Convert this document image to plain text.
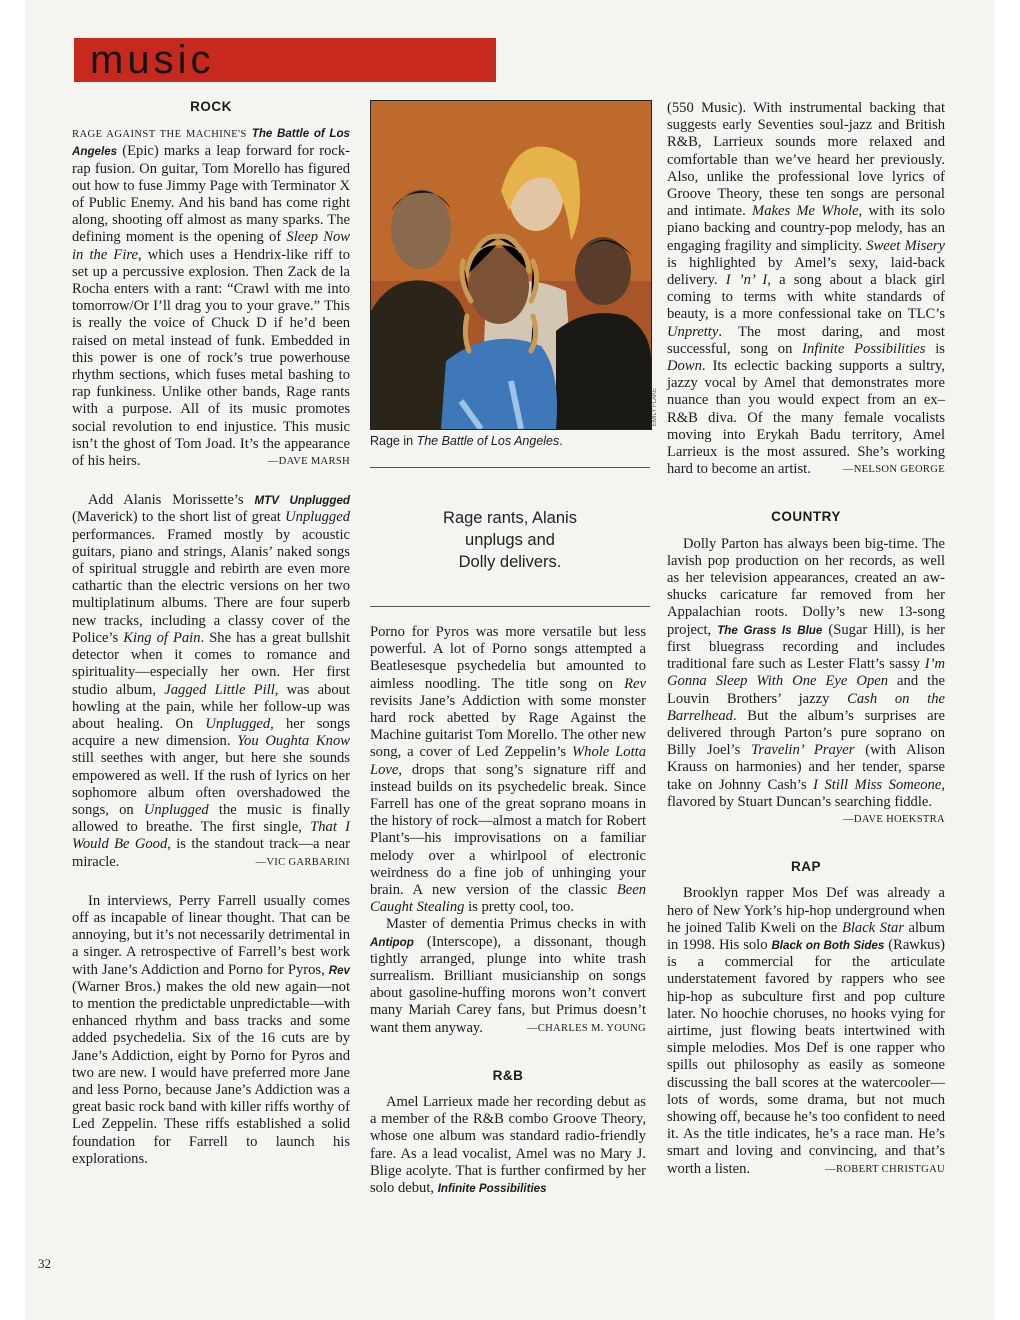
m usic
ROCK

RAGE AGAINST THE MACHINE'S The Battle of Los Angeles (Epic) marks a leap forward for rock-rap fusion. On guitar, Tom Morello has figured out how to fuse Jimmy Page with Terminator X of Public Enemy. And his band has come right along, shooting off almost as many sparks. The defining moment is the opening of Sleep Now in the Fire, which uses a Hendrix-like riff to set up a percussive explosion. Then Zack de la Rocha enters with a rant: “Crawl with me into tomorrow/Or I’ll drag you to your grave.” This is really the voice of Chuck D if he’d been raised on metal instead of funk. Embedded in this power is one of rock’s true powerhouse rhythm sections, which fuses metal bashing to rap funkiness. Unlike other bands, Rage rants with a purpose. All of its music promotes social revolution to end injustice. This music isn’t the ghost of Tom Joad. It’s the appearance of his heirs.	—DAVE MARSH

Add Alanis Morissette’s MTV Unplugged (Maverick) to the short list of great Unplugged performances. Framed mostly by acoustic guitars, piano and strings, Alanis’ naked songs of spiritual struggle and rebirth are even more cathartic than the electric versions on her two multiplatinum albums. There are four superb new tracks, including a classy cover of the Police’s King of Pain. She has a great bullshit detector when it comes to romance and spirituality—especially her own. Her first studio album, Jagged Little Pill, was about howling at the pain, while her follow-up was about healing. On Unplugged, her songs acquire a new dimension. You Oughta Know still seethes with anger, but here she sounds empowered as well. If the rush of lyrics on her sophomore album often overshadowed the songs, on Unplugged the music is finally allowed to breathe. The first single, That I Would Be Good, is the standout track—a near miracle.	—VIC GARBARINI

In interviews, Perry Farrell usually comes off as incapable of linear thought. That can be annoying, but it’s not necessarily detrimental in a singer. A retrospective of Farrell’s best work with Jane’s Addiction and Porno for Pyros, Rev (Warner Bros.) makes the old new again—not to mention the predictable unpredictable—with enhanced rhythm and bass tracks and some added psychedelia. Six of the 16 cuts are by Jane’s Addiction, eight by Porno for Pyros and two are new. I would have preferred more Jane and less Porno, because Jane’s Addiction was a great basic rock band with killer riffs worthy of Led Zeppelin. These riffs established a solid foundation for Farrell to launch his explorations.

32
EMILY FLAKE
Rage in The Battle of Los Angeles.
Rage rants, Alanis
unplugs and
Dolly delivers.

Porno for Pyros was more versatile but less powerful. A lot of Porno songs attempted a Beatlesesque psychedelia but amounted to aimless noodling. The title song on Rev revisits Jane’s Addiction with some monster hard rock abetted by Rage Against the Machine guitarist Tom Morello. The other new song, a cover of Led Zeppelin’s Whole Lotta Love, drops that song’s signature riff and instead builds on its psychedelic break. Since Farrell has one of the great soprano moans in the history of rock—almost a match for Robert Plant’s—his improvisations on a familiar melody over a whirlpool of electronic weirdness do a fine job of unhinging your brain. A new version of the classic Been Caught Stealing is pretty cool, too.

Master of dementia Primus checks in with Antipop (Interscope), a dissonant, though tightly arranged, plunge into white trash surrealism. Brilliant musicianship on songs about gasoline-huffing morons won’t convert many Mariah Carey fans, but Primus doesn’t want them anyway.	—CHARLES M. YOUNG

R&B

Amel Larrieux made her recording debut as a member of the R&B combo Groove Theory, whose one album was standard radio-friendly fare. As a lead vocalist, Amel was no Mary J. Blige acolyte. That is further confirmed by her solo debut, Infinite Possibilities

(550 Music). With instrumental backing that suggests early Seventies soul-jazz and British R&B, Larrieux sounds more relaxed and comfortable than we’ve heard her previously. Also, unlike the professional love lyrics of Groove Theory, these ten songs are personal and intimate. Makes Me Whole, with its solo piano backing and country-pop melody, has an engaging fragility and simplicity. Sweet Misery is highlighted by Amel’s sexy, laid-back delivery. I ’n’ I, a song about a black girl coming to terms with white standards of beauty, is a more confessional take on TLC’s Unpretty. The most daring, and most successful, song on Infinite Possibilities is Down. Its eclectic backing supports a sultry, jazzy vocal by Amel that demonstrates more nuance than you would expect from an ex–R&B diva. Of the many female vocalists moving into Erykah Badu territory, Amel Larrieux is the most assured. She’s working hard to become an artist.	—NELSON GEORGE

COUNTRY

Dolly Parton has always been big-time. The lavish pop production on her records, as well as her television appearances, created an aw-shucks caricature far removed from her Appalachian roots. Dolly’s new 13-song project, The Grass Is Blue (Sugar Hill), is her first bluegrass recording and includes traditional fare such as Lester Flatt’s sassy I’m Gonna Sleep With One Eye Open and the Louvin Brothers’ jazzy Cash on the Barrelhead. But the album’s surprises are delivered through Parton’s pure soprano on Billy Joel’s Travelin’ Prayer (with Alison Krauss on harmonies) and her tender, sparse take on Johnny Cash’s I Still Miss Someone, flavored by Stuart Duncan’s searching fiddle.
—DAVE HOEKSTRA

RAP

Brooklyn rapper Mos Def was already a hero of New York’s hip-hop underground when he joined Talib Kweli on the Black Star album in 1998. His solo Black on Both Sides (Rawkus) is a commercial for the articulate understatement favored by rappers who see hip-hop as subculture first and pop culture later. No hoochie choruses, no hooks vying for airtime, just flowing beats intertwined with simple melodies. Mos Def is one rapper who spills out philosophy as easily as someone discussing the ball scores at the watercooler—lots of words, some drama, but not much showing off, because he’s too confident to need it. As the title indicates, he’s a race man. He’s smart and loving and convincing, and that’s worth a listen.	—ROBERT CHRISTGAU
